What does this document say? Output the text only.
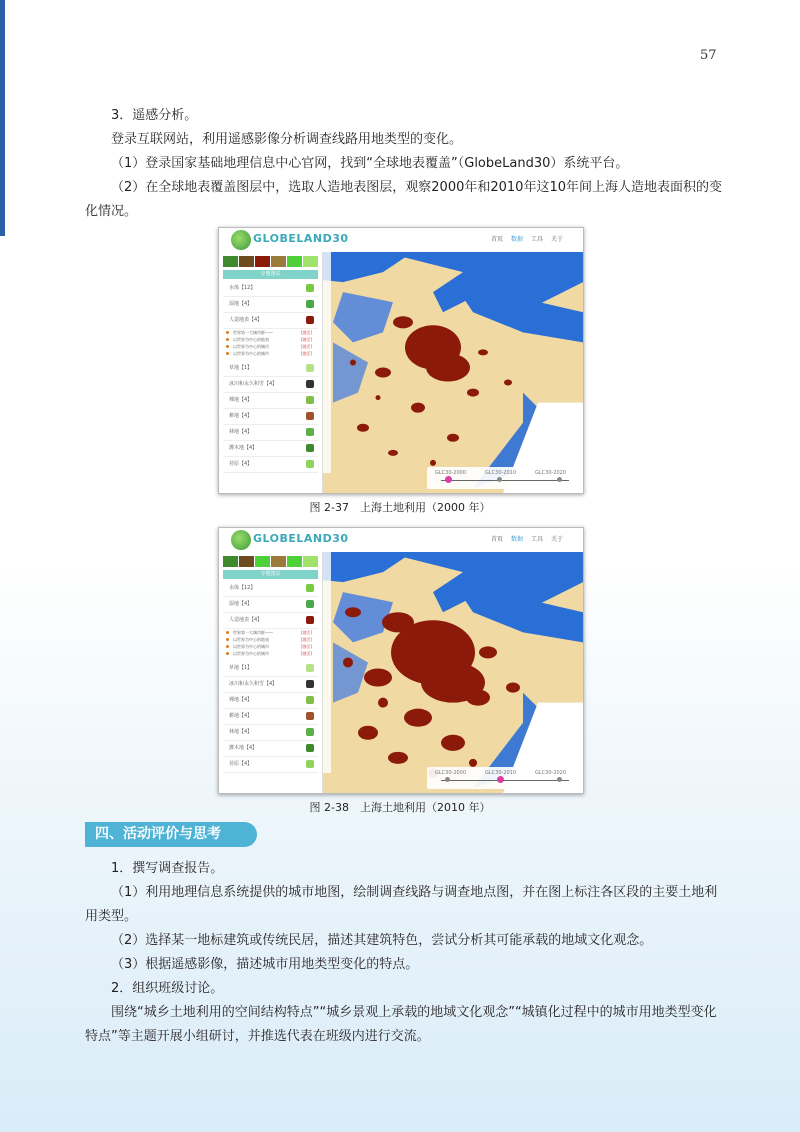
57

3．遥感分析。

登录互联网站，利用遥感影像分析调查线路用地类型的变化。

（1）登录国家基础地理信息中心官网，找到“全球地表覆盖”（GlobeLand30）系统平台。

（2）在全球地表覆盖图层中，选取人造地表图层，观察2000年和2010年这10年间上海人造地表面积的变化情况。

GLOBELAND30	首页 数据 工具 关于
专题图层
水体【12】
湿地【4】
人造地表【4】
世界第一大城市群——	[激活]
以世界为中心的地表	[激活]
以世界为中心的城市	[激活]
以世界为中心的城市	[激活]
草地【1】
冰川和永久积雪【4】
裸地【4】
耕地【4】
林地【4】
灌木地【4】
苔原【4】
GLC30-2000	GLC30-2010	GLC30-2020
图 2-37　上海土地利用（2000 年）
GLOBELAND30	首页 数据 工具 关于
专题图层
水体【12】
湿地【4】
人造地表【4】
世界第一大城市群——	[激活]
以世界为中心的地表	[激活]
以世界为中心的城市	[激活]
以世界为中心的城市	[激活]
草地【1】
冰川和永久积雪【4】
裸地【4】
耕地【4】
林地【4】
灌木地【4】
苔原【4】
GLC30-2000	GLC30-2010	GLC30-2020
图 2-38　上海土地利用（2010 年）
四、活动评价与思考

1．撰写调查报告。

（1）利用地理信息系统提供的城市地图，绘制调查线路与调查地点图，并在图上标注各区段的主要土地利用类型。

（2）选择某一地标建筑或传统民居，描述其建筑特色，尝试分析其可能承载的地域文化观念。

（3）根据遥感影像，描述城市用地类型变化的特点。

2．组织班级讨论。

围绕“城乡土地利用的空间结构特点”“城乡景观上承载的地域文化观念”“城镇化过程中的城市用地类型变化特点”等主题开展小组研讨，并推选代表在班级内进行交流。
